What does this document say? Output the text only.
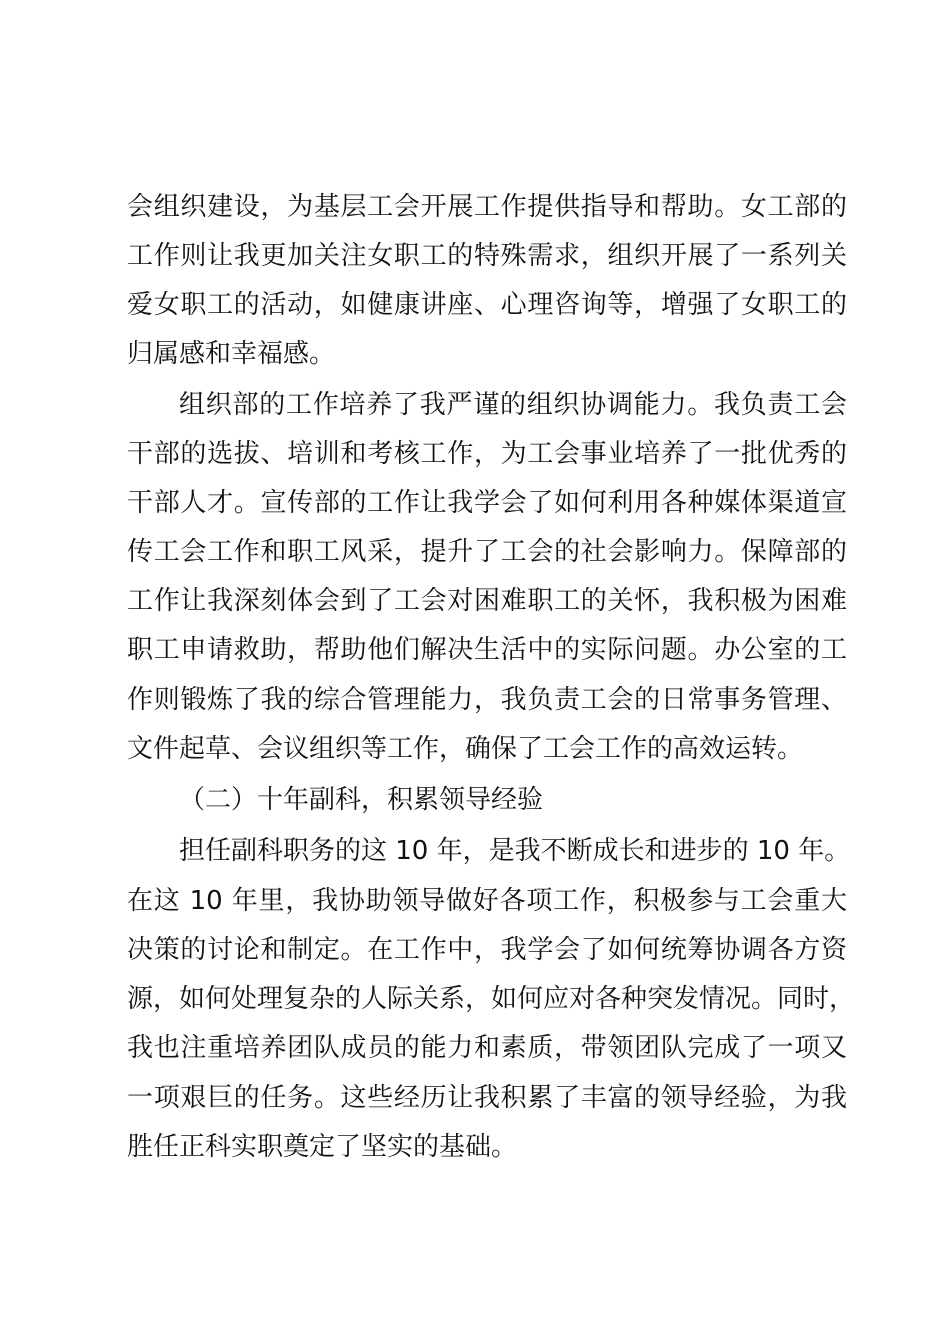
会组织建设，为基层工会开展工作提供指导和帮助。女工部的
工作则让我更加关注女职工的特殊需求，组织开展了一系列关
爱女职工的活动，如健康讲座、心理咨询等，增强了女职工的
归属感和幸福感。
组织部的工作培养了我严谨的组织协调能力。我负责工会
干部的选拔、培训和考核工作，为工会事业培养了一批优秀的
干部人才。宣传部的工作让我学会了如何利用各种媒体渠道宣
传工会工作和职工风采，提升了工会的社会影响力。保障部的
工作让我深刻体会到了工会对困难职工的关怀，我积极为困难
职工申请救助，帮助他们解决生活中的实际问题。办公室的工
作则锻炼了我的综合管理能力，我负责工会的日常事务管理、
文件起草、会议组织等工作，确保了工会工作的高效运转。
（二）十年副科，积累领导经验
担任副科职务的这 10 年，是我不断成长和进步的 10 年。
在这 10 年里，我协助领导做好各项工作，积极参与工会重大
决策的讨论和制定。在工作中，我学会了如何统筹协调各方资
源，如何处理复杂的人际关系，如何应对各种突发情况。同时，
我也注重培养团队成员的能力和素质，带领团队完成了一项又
一项艰巨的任务。这些经历让我积累了丰富的领导经验，为我
胜任正科实职奠定了坚实的基础。
